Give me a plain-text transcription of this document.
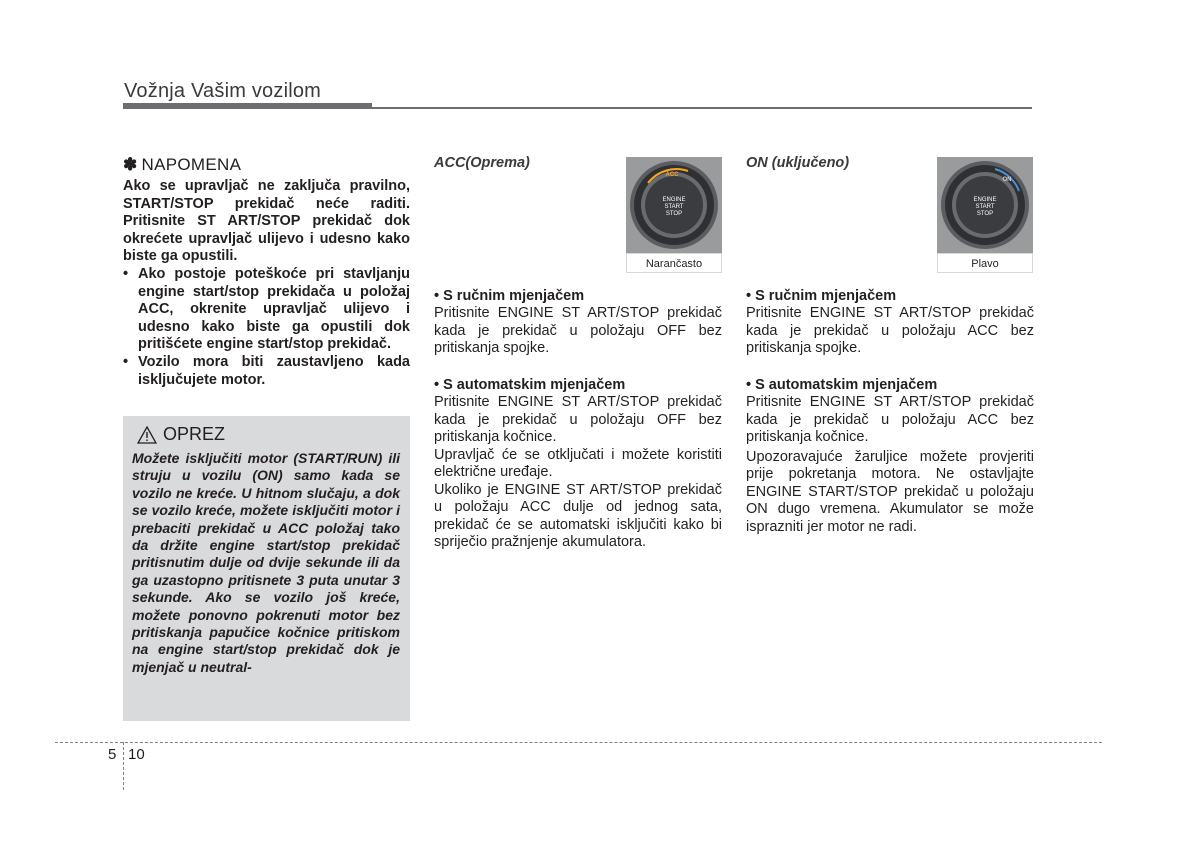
Vožnja Vašim vozilom
✽ NAPOMENA

Ako se upravljač ne zaključa pravilno, START/STOP prekidač neće raditi. Pritisnite ST ART/STOP prekidač dok okrećete upravljač ulijevo i udesno kako biste ga opustili.

• Ako postoje poteškoće pri stavljanju engine start/stop prekidača u položaj ACC, okrenite upravljač ulijevo i udesno kako biste ga opustili dok pritišćete engine start/stop prekidač.
• Vozilo mora biti zaustavljeno kada isključujete motor.
OPREZ
Možete isključiti motor (START/RUN) ili struju u vozilu (ON) samo kada se vozilo ne kreće. U hitnom slučaju, a dok se vozilo kreće, možete isključiti motor i prebaciti prekidač u ACC položaj tako da držite engine start/stop prekidač pritisnutim dulje od dvije sekunde ili da ga uzastopno pritisnete 3 puta unutar 3 sekunde. Ako se vozilo još kreće, možete ponovno pokrenuti motor bez pritiskanja papučice kočnice pritiskom na engine start/stop prekidač dok je mjenjač u neutral-

ACC(Oprema)

• S ručnim mjenjačem

Pritisnite ENGINE ST ART/STOP prekidač kada je prekidač u položaju OFF bez pritiskanja spojke.

• S automatskim mjenjačem

Pritisnite ENGINE ST ART/STOP prekidač kada je prekidač u položaju OFF bez pritiskanja kočnice.

Upravljač će se otključati i možete koristiti električne uređaje.

Ukoliko je ENGINE ST ART/STOP prekidač u položaju ACC dulje od jednog sata, prekidač će se automatski isključiti kako bi spriječio pražnjenje akumulatora.

ACC
ENGINE
START
STOP
Narančasto

ON (uključeno)

• S ručnim mjenjačem

Pritisnite ENGINE ST ART/STOP prekidač kada je prekidač u položaju ACC bez pritiskanja spojke.

• S automatskim mjenjačem

Pritisnite ENGINE ST ART/STOP prekidač kada je prekidač u položaju ACC bez pritiskanja kočnice.

Upozoravajuće žaruljice možete provjeriti prije pokretanja motora. Ne ostavljajte ENGINE START/STOP prekidač u položaju ON dugo vremena. Akumulator se može isprazniti jer motor ne radi.

ON
ENGINE
START
STOP
Plavo
5 10
